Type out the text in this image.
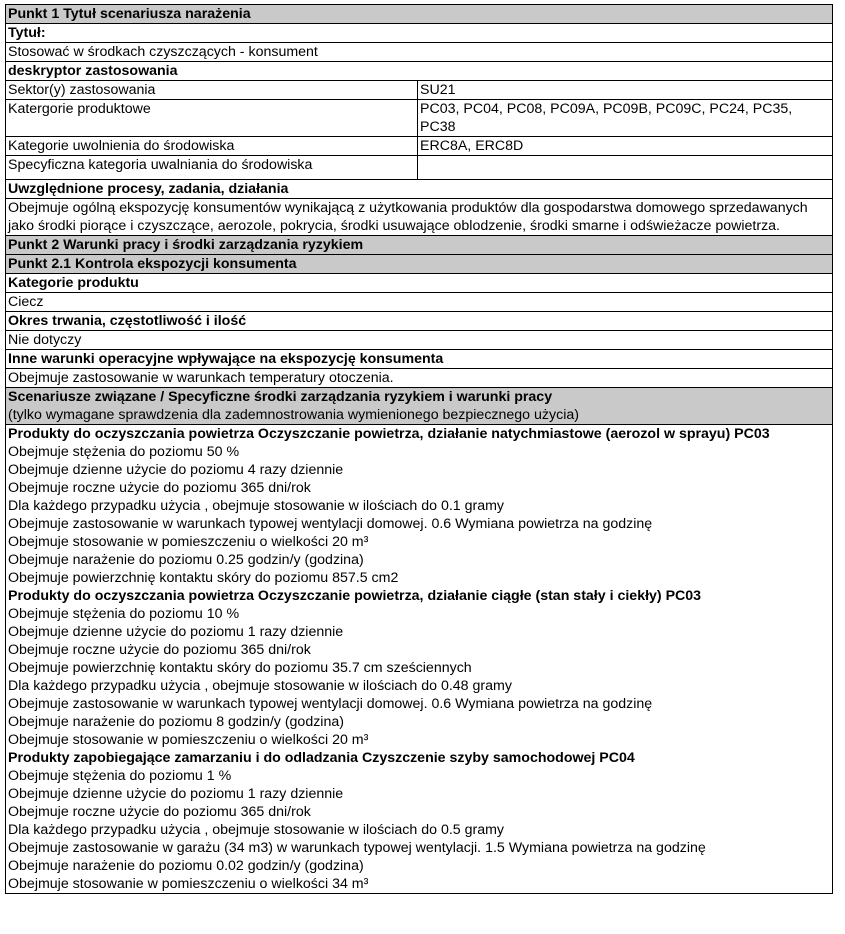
Punkt 1 Tytuł scenariusza narażenia
Tytuł:
Stosować w środkach czyszczących - konsument
deskryptor zastosowania
Sektor(y) zastosowania	SU21
Katergorie produktowe	PC03, PC04, PC08, PC09A, PC09B, PC09C, PC24, PC35, PC38
Kategorie uwolnienia do środowiska	ERC8A, ERC8D
Specyficzna kategoria uwalniania do środowiska
Uwzględnione procesy, zadania, działania
Obejmuje ogólną ekspozycję konsumentów wynikającą z użytkowania produktów dla gospodarstwa domowego sprzedawanych jako środki piorące i czyszczące, aerozole, pokrycia, środki usuwające oblodzenie, środki smarne i odświeżacze powietrza.
Punkt 2 Warunki pracy i środki zarządzania ryzykiem
Punkt 2.1 Kontrola ekspozycji konsumenta
Kategorie produktu
Ciecz
Okres trwania, częstotliwość i ilość
Nie dotyczy
Inne warunki operacyjne wpływające na ekspozycję konsumenta
Obejmuje zastosowanie w warunkach temperatury otoczenia.
Scenariusze związane / Specyficzne środki zarządzania ryzykiem i warunki pracy
(tylko wymagane sprawdzenia dla zademnostrowania wymienionego bezpiecznego użycia)
Produkty do oczyszczania powietrza Oczyszczanie powietrza, działanie natychmiastowe (aerozol w sprayu) PC03
Obejmuje stężenia do poziomu 50 %
Obejmuje dzienne użycie do poziomu 4 razy dziennie
Obejmuje roczne użycie do poziomu 365 dni/rok
Dla każdego przypadku użycia , obejmuje stosowanie w ilościach do 0.1 gramy
Obejmuje zastosowanie w warunkach typowej wentylacji domowej. 0.6 Wymiana powietrza na godzinę
Obejmuje stosowanie w pomieszczeniu o wielkości 20 m³
Obejmuje narażenie do poziomu 0.25 godzin/y (godzina)
Obejmuje powierzchnię kontaktu skóry do poziomu 857.5 cm2
Produkty do oczyszczania powietrza Oczyszczanie powietrza, działanie ciągłe (stan stały i ciekły) PC03
Obejmuje stężenia do poziomu 10 %
Obejmuje dzienne użycie do poziomu 1 razy dziennie
Obejmuje roczne użycie do poziomu 365 dni/rok
Obejmuje powierzchnię kontaktu skóry do poziomu 35.7 cm sześciennych
Dla każdego przypadku użycia , obejmuje stosowanie w ilościach do 0.48 gramy
Obejmuje zastosowanie w warunkach typowej wentylacji domowej. 0.6 Wymiana powietrza na godzinę
Obejmuje narażenie do poziomu 8 godzin/y (godzina)
Obejmuje stosowanie w pomieszczeniu o wielkości 20 m³
Produkty zapobiegające zamarzaniu i do odladzania Czyszczenie szyby samochodowej PC04
Obejmuje stężenia do poziomu 1 %
Obejmuje dzienne użycie do poziomu 1 razy dziennie
Obejmuje roczne użycie do poziomu 365 dni/rok
Dla każdego przypadku użycia , obejmuje stosowanie w ilościach do 0.5 gramy
Obejmuje zastosowanie w garażu (34 m3) w warunkach typowej wentylacji. 1.5 Wymiana powietrza na godzinę
Obejmuje narażenie do poziomu 0.02 godzin/y (godzina)
Obejmuje stosowanie w pomieszczeniu o wielkości 34 m³
